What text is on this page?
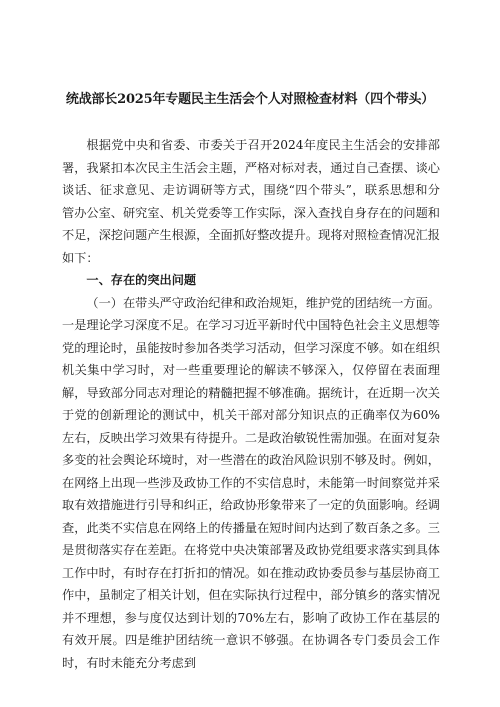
统战部长2025年专题民主生活会个人对照检查材料（四个带头）

根据党中央和省委、市委关于召开2024年度民主生活会的安排部署，我紧扣本次民主生活会主题，严格对标对表，通过自己查摆、谈心谈话、征求意见、走访调研等方式，围绕“四个带头”，联系思想和分管办公室、研究室、机关党委等工作实际，深入查找自身存在的问题和不足，深挖问题产生根源，全面抓好整改提升。现将对照检查情况汇报如下：

一、存在的突出问题

（一）在带头严守政治纪律和政治规矩，维护党的团结统一方面。一是理论学习深度不足。在学习习近平新时代中国特色社会主义思想等党的理论时，虽能按时参加各类学习活动，但学习深度不够。如在组织机关集中学习时，对一些重要理论的解读不够深入，仅停留在表面理解，导致部分同志对理论的精髓把握不够准确。据统计，在近期一次关于党的创新理论的测试中，机关干部对部分知识点的正确率仅为60%左右，反映出学习效果有待提升。二是政治敏锐性需加强。在面对复杂多变的社会舆论环境时，对一些潜在的政治风险识别不够及时。例如，在网络上出现一些涉及政协工作的不实信息时，未能第一时间察觉并采取有效措施进行引导和纠正，给政协形象带来了一定的负面影响。经调查，此类不实信息在网络上的传播量在短时间内达到了数百条之多。三是贯彻落实存在差距。在将党中央决策部署及政协党组要求落实到具体工作中时，有时存在打折扣的情况。如在推动政协委员参与基层协商工作中，虽制定了相关计划，但在实际执行过程中，部分镇乡的落实情况并不理想，参与度仅达到计划的70%左右，影响了政协工作在基层的有效开展。四是维护团结统一意识不够强。在协调各专门委员会工作时，有时未能充分考虑到
